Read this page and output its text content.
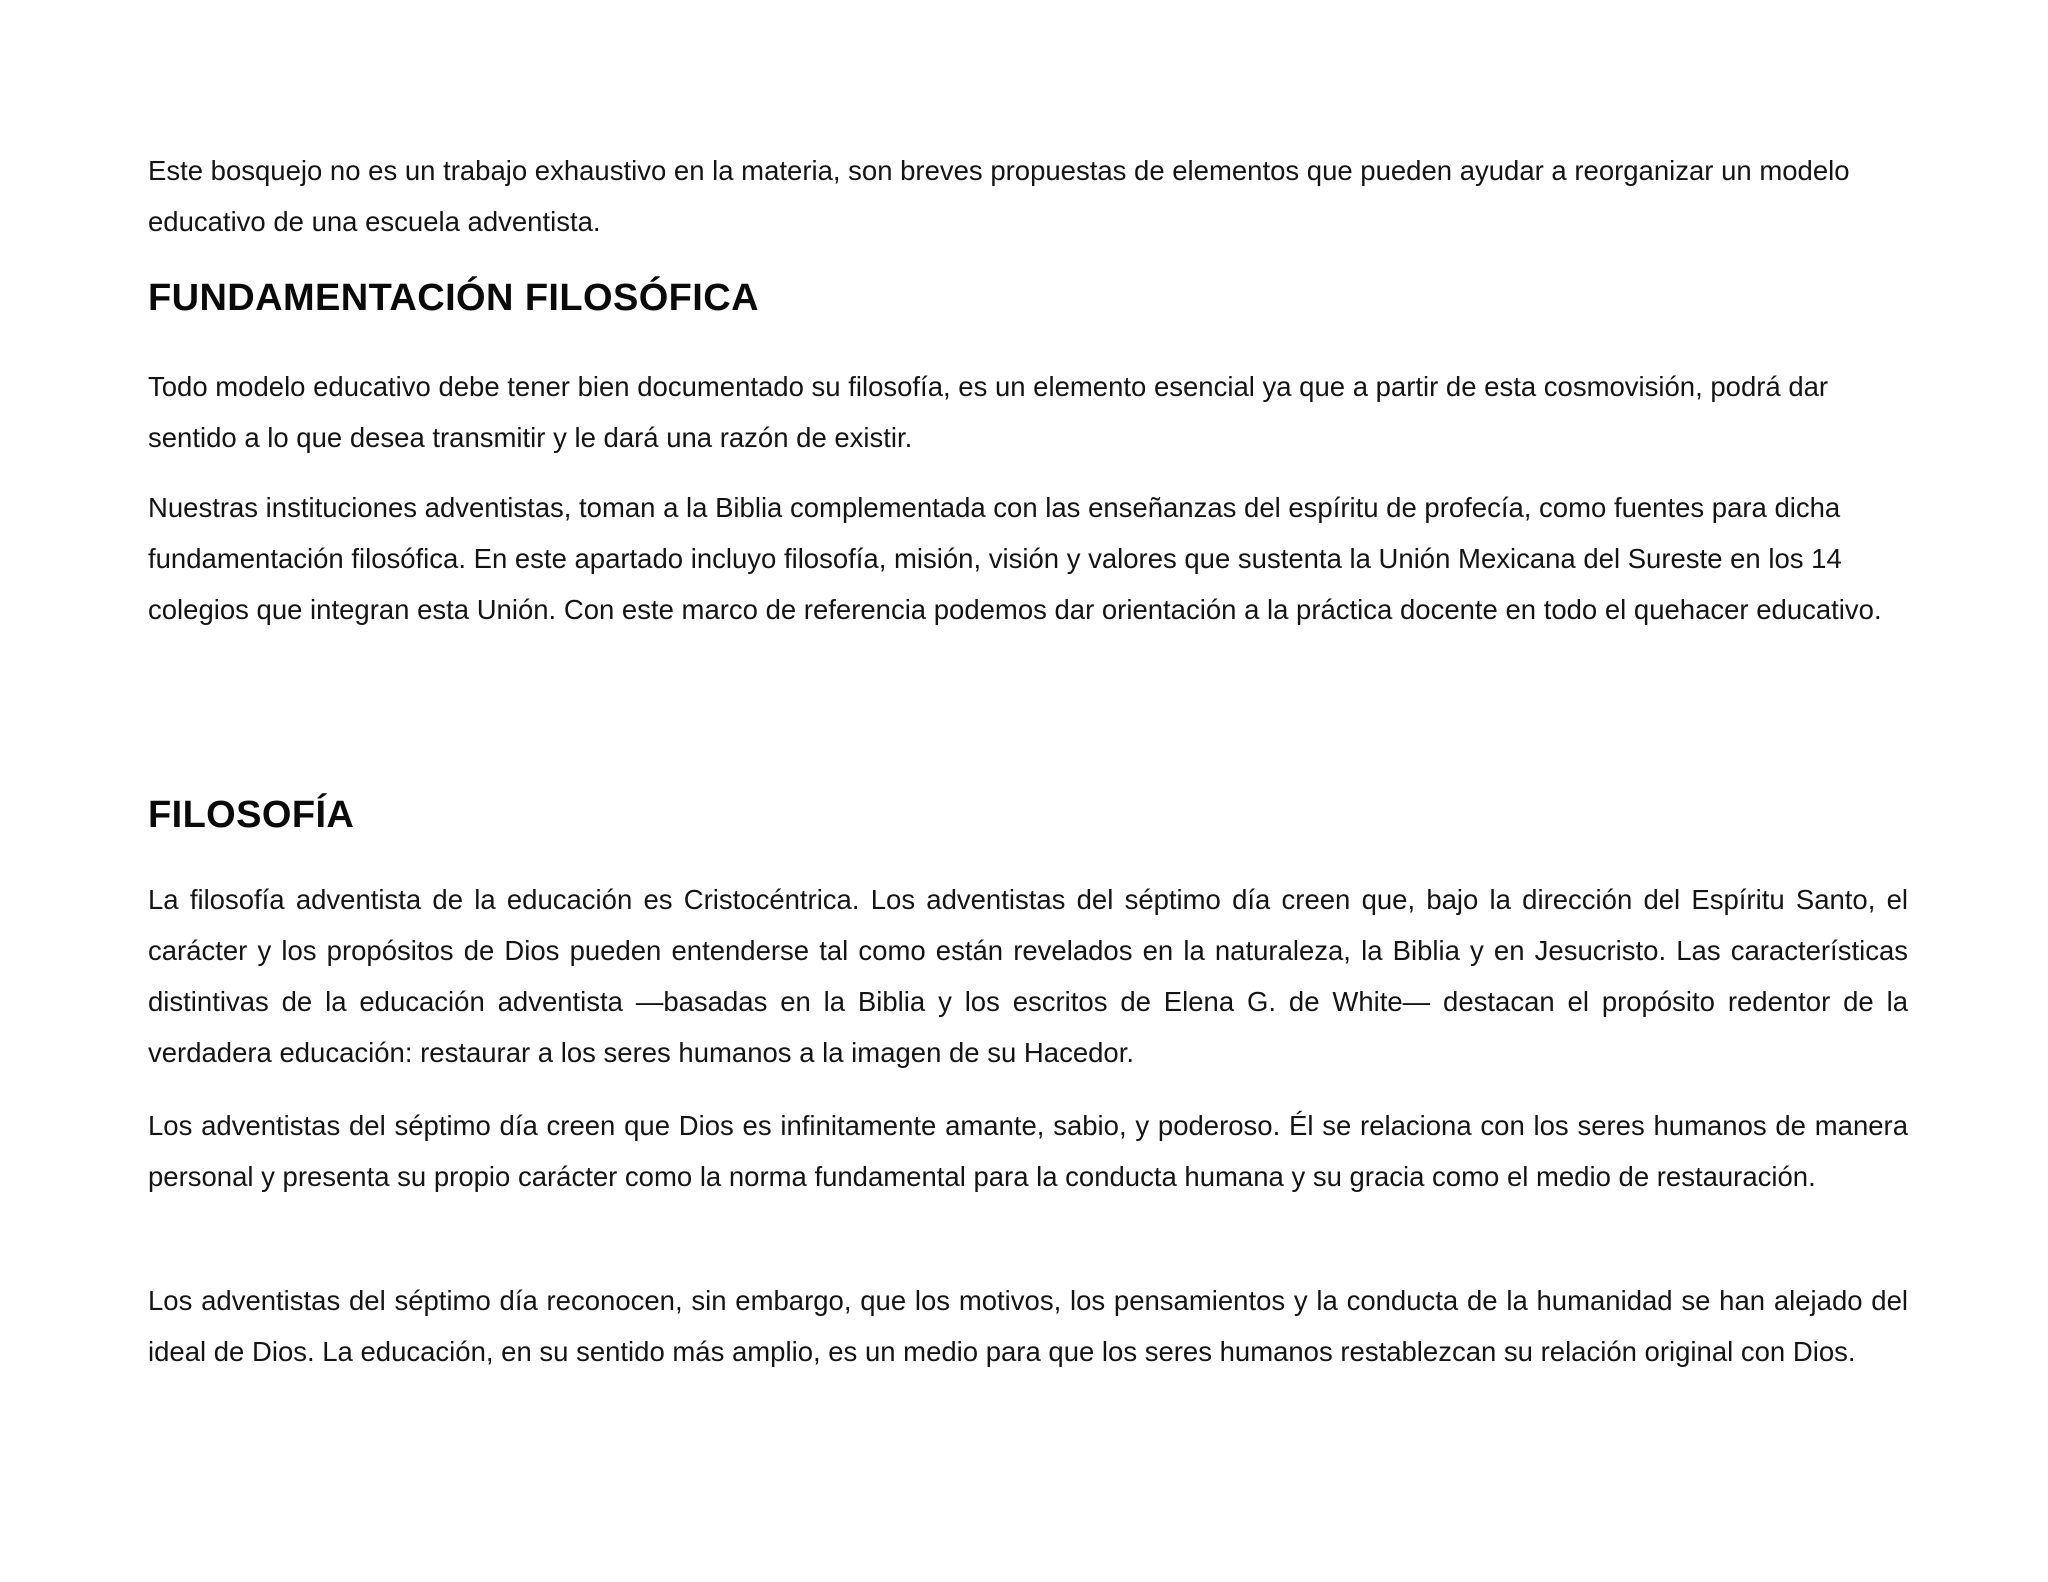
Este bosquejo no es un trabajo exhaustivo en la materia, son breves propuestas de elementos que pueden ayudar a reorganizar un modelo educativo de una escuela adventista.

FUNDAMENTACIÓN FILOSÓFICA

Todo modelo educativo debe tener bien documentado su filosofía, es un elemento esencial ya que a partir de esta cosmovisión, podrá dar sentido a lo que desea transmitir y le dará una razón de existir.

Nuestras instituciones adventistas, toman a la Biblia complementada con las enseñanzas del espíritu de profecía, como fuentes para dicha fundamentación filosófica. En este apartado incluyo filosofía, misión, visión y valores que sustenta la Unión Mexicana del Sureste en los 14 colegios que integran esta Unión. Con este marco de referencia podemos dar orientación a la práctica docente en todo el quehacer educativo.

FILOSOFÍA

La filosofía adventista de la educación es Cristocéntrica. Los adventistas del séptimo día creen que, bajo la dirección del Espíritu Santo, el carácter y los propósitos de Dios pueden entenderse tal como están revelados en la naturaleza, la Biblia y en Jesucristo. Las características distintivas de la educación adventista —basadas en la Biblia y los escritos de Elena G. de White— destacan el propósito redentor de la verdadera educación: restaurar a los seres humanos a la imagen de su Hacedor.

Los adventistas del séptimo día creen que Dios es infinitamente amante, sabio, y poderoso. Él se relaciona con los seres humanos de manera personal y presenta su propio carácter como la norma fundamental para la conducta humana y su gracia como el medio de restauración.

Los adventistas del séptimo día reconocen, sin embargo, que los motivos, los pensamientos y la conducta de la humanidad se han alejado del ideal de Dios. La educación, en su sentido más amplio, es un medio para que los seres humanos restablezcan su relación original con Dios.
